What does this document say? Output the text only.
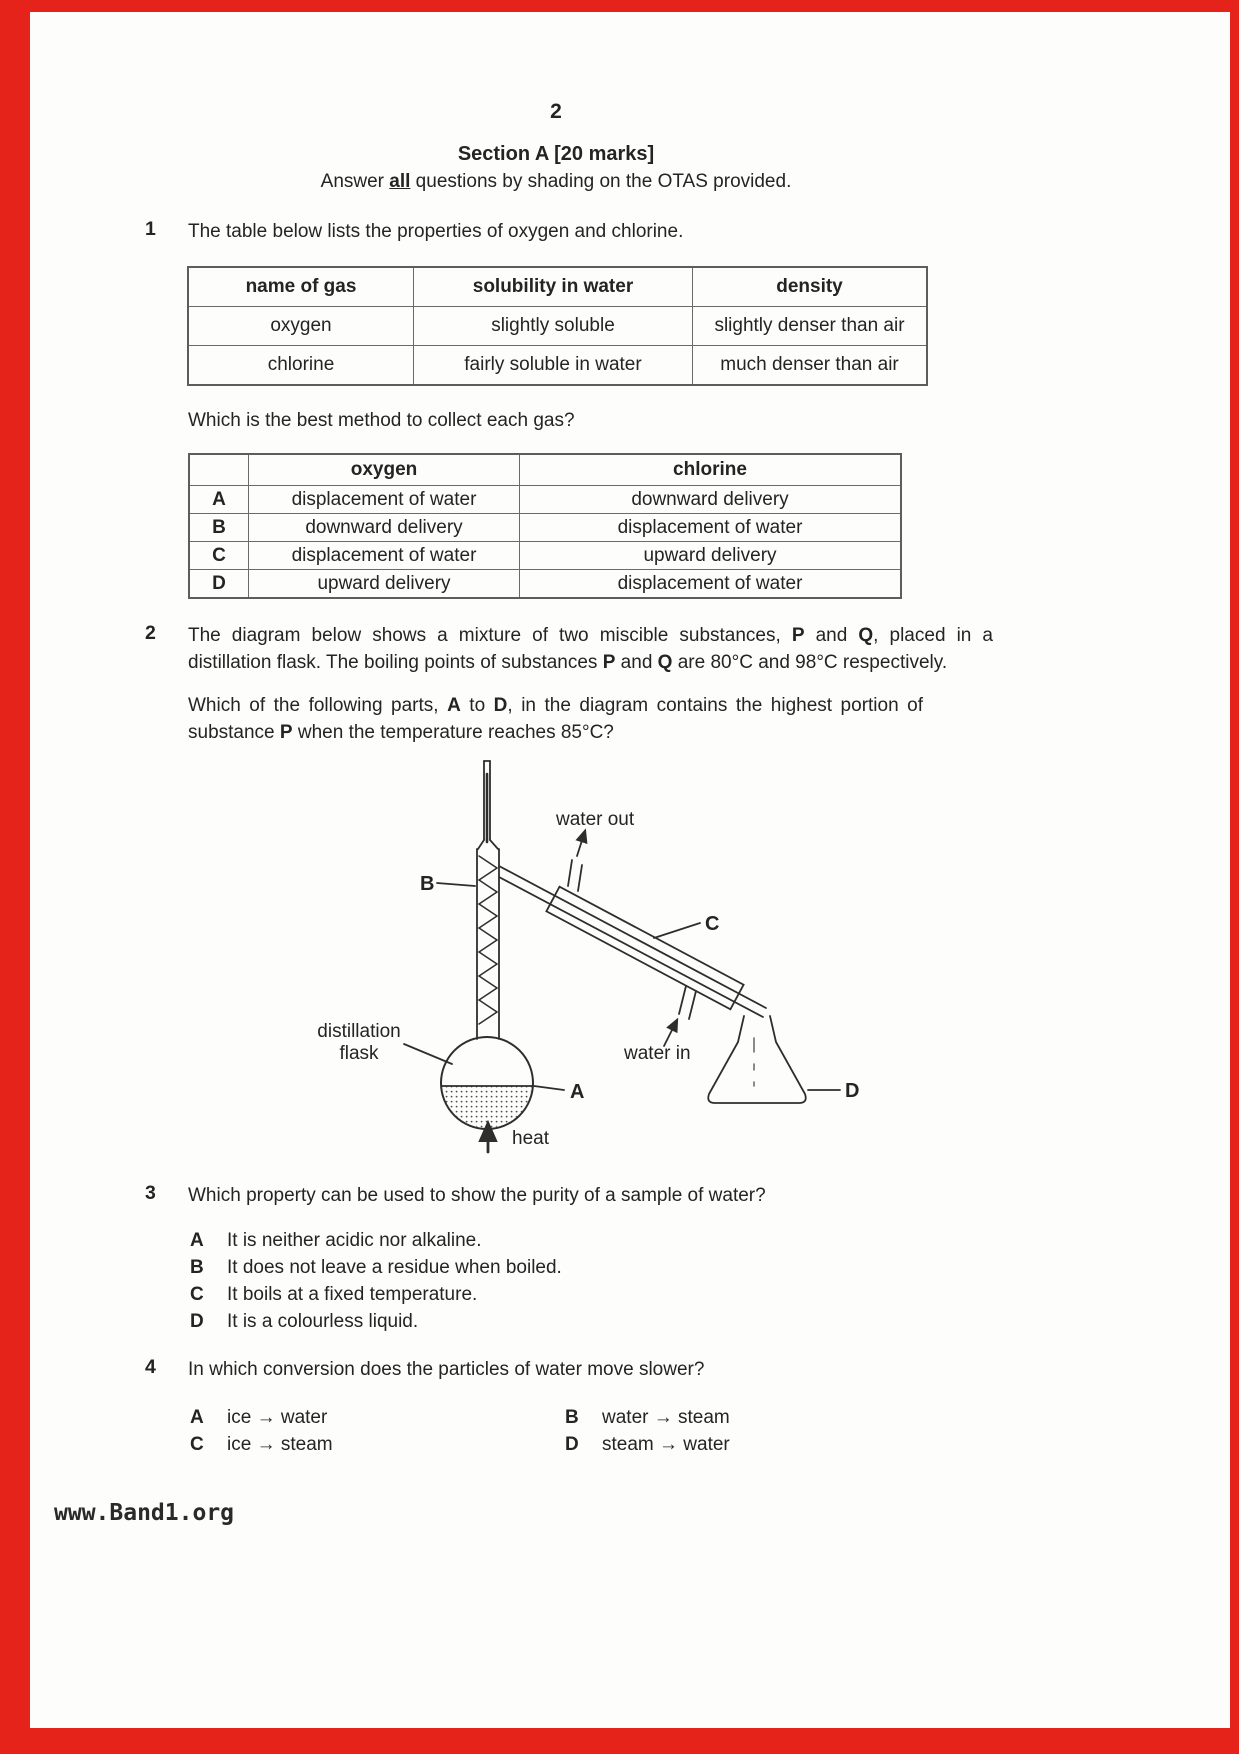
2
Section A [20 marks]
Answer all questions by shading on the OTAS provided.
1 The table below lists the properties of oxygen and chlorine.
name of gas	solubility in water	density
oxygen	slightly soluble	slightly denser than air
chlorine	fairly soluble in water	much denser than air
Which is the best method to collect each gas?
	oxygen	chlorine
A	displacement of water	downward delivery
B	downward delivery	displacement of water
C	displacement of water	upward delivery
D	upward delivery	displacement of water
2 The diagram below shows a mixture of two miscible substances, P and Q, placed in a distillation flask. The boiling points of substances P and Q are 80°C and 98°C respectively.
Which of the following parts, A to D, in the diagram contains the highest portion of substance P when the temperature reaches 85°C?
water out
B
C
distillation
flask	water in
A	D
heat
3 Which property can be used to show the purity of a sample of water?
A It is neither acidic nor alkaline.
B It does not leave a residue when boiled.
C It boils at a fixed temperature.
D It is a colourless liquid.
4 In which conversion does the particles of water move slower?
A ice → water	B water → steam
C ice → steam	D steam → water
www.Band1.org
